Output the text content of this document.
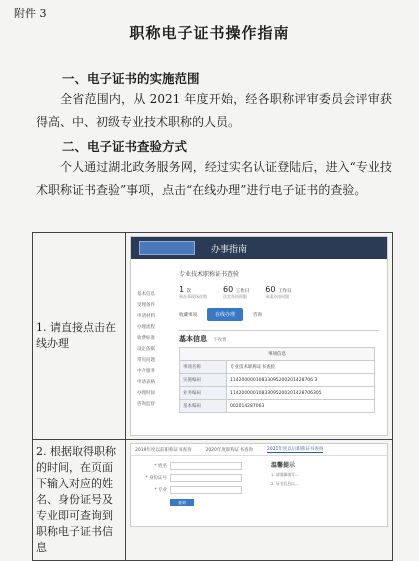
附件 3
职称电子证书操作指南
一、电子证书的实施范围

全省范围内，从 2021 年度开始，经各职称评审委员会评审获得高、中、初级专业技术职称的人员。

二、电子证书查验方式

个人通过湖北政务服务网，经过实名认证登陆后，进入“专业技术职称证书查验”事项，点击“在线办理”进行电子证书的查验。

1. 请直接点击在线办理	
办事指南
基本信息
受理条件
申请材料
办理流程
收费标准
设定依据
常见问题
中介服务
申请表格
办理时间
咨询监督
专业技术职称证书查验
1 次
到办事现场次数
60 工作日
法定办结时限
60 工作日
承诺办结时限
收藏事项	在线办理	咨询
基本信息 不收费
事项信息
事项名称	专业技术职称证书查验
实施编码	11420000010833095200201428706 3
业务编码	11420000010833095200201428706305
基本编码	002014287063

2. 根据取得职称的时间，在页面下输入对应的姓名、身份证号及专业即可查询到职称电子证书信息	
2019年度以前职称证书查询	2020年度职称证书查询	2021年度以后职称证书查询
* 姓名
* 身份证号
* 专业
查询
温馨提示
1. 请准确填写...
2. 证书信息以...
